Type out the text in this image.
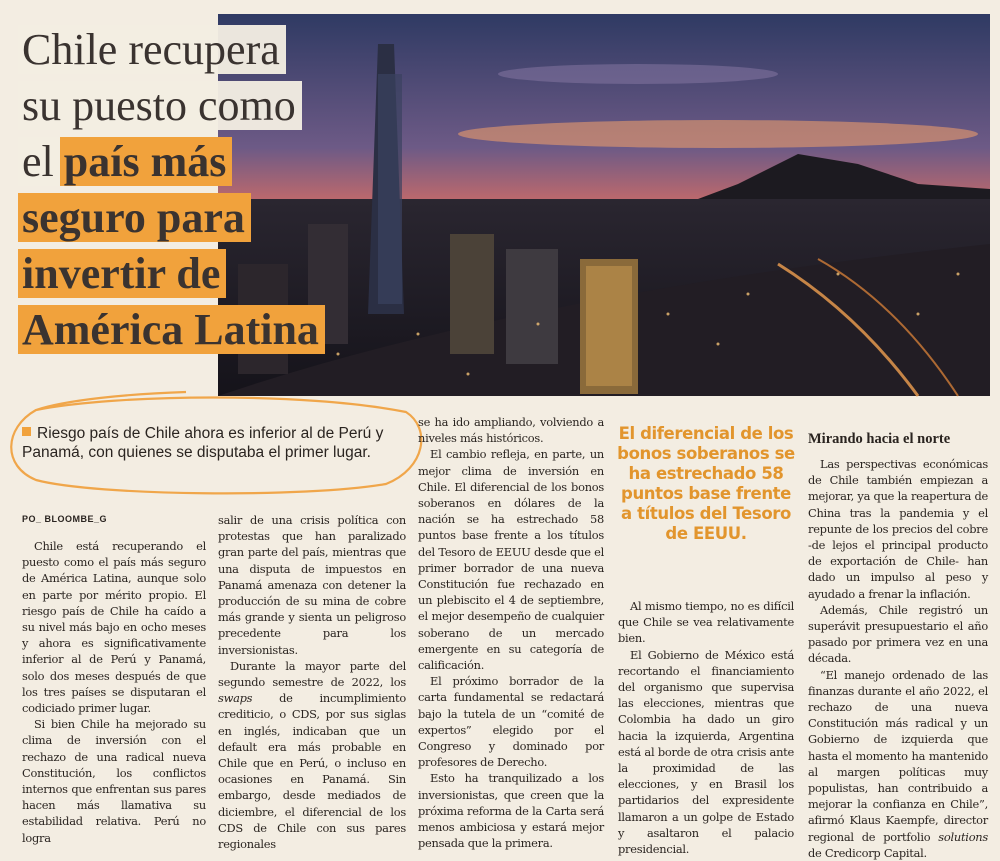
Chile recupera
su puesto como
el país más
seguro para
invertir de
América Latina
Riesgo país de Chile ahora es inferior al de Perú y Panamá, con quienes se disputaba el primer lugar.
PO_ BLOOMBE_G

Chile está recuperando el puesto como el país más seguro de América Latina, aunque solo en parte por mérito propio. El riesgo país de Chile ha caído a su nivel más bajo en ocho meses y ahora es significativamente inferior al de Perú y Panamá, solo dos meses después de que los tres países se disputaran el codiciado primer lugar.

Si bien Chile ha mejorado su clima de inversión con el rechazo de una radical nueva Constitución, los conflictos internos que enfrentan sus pares hacen más llamativa su estabilidad relativa. Perú no logra

salir de una crisis política con protestas que han paralizado gran parte del país, mientras que una disputa de impuestos en Panamá amenaza con detener la producción de su mina de cobre más grande y sienta un peligroso precedente para los inversionistas.

Durante la mayor parte del segundo semestre de 2022, los swaps de incumplimiento crediticio, o CDS, por sus siglas en inglés, indicaban que un default era más probable en Chile que en Perú, o incluso en ocasiones en Panamá. Sin embargo, desde mediados de diciembre, el diferencial de los CDS de Chile con sus pares regionales

se ha ido ampliando, volviendo a niveles más históricos.

El cambio refleja, en parte, un mejor clima de inversión en Chile. El diferencial de los bonos soberanos en dólares de la nación se ha estrechado 58 puntos base frente a los títulos del Tesoro de EEUU desde que el primer borrador de una nueva Constitución fue rechazado en un plebiscito el 4 de septiembre, el mejor desempeño de cualquier soberano de un mercado emergente en su categoría de calificación.

El próximo borrador de la carta fundamental se redactará bajo la tutela de un “comité de expertos” elegido por el Congreso y dominado por profesores de Derecho.

Esto ha tranquilizado a los inversionistas, que creen que la próxima reforma de la Carta será menos ambiciosa y estará mejor pensada que la primera.

El diferencial de los bonos soberanos se ha estrechado 58 puntos base frente a títulos del Tesoro de EEUU.

Al mismo tiempo, no es difícil que Chile se vea relativamente bien.

El Gobierno de México está recortando el financiamiento del organismo que supervisa las elecciones, mientras que Colombia ha dado un giro hacia la izquierda, Argentina está al borde de otra crisis ante la proximidad de las elecciones, y en Brasil los partidarios del expresidente llamaron a un golpe de Estado y asaltaron el palacio presidencial.

Mirando hacia el norte

Las perspectivas económicas de Chile también empiezan a mejorar, ya que la reapertura de China tras la pandemia y el repunte de los precios del cobre -de lejos el principal producto de exportación de Chile- han dado un impulso al peso y ayudado a frenar la inflación.

Además, Chile registró un superávit presupuestario el año pasado por primera vez en una década.

“El manejo ordenado de las finanzas durante el año 2022, el rechazo de una nueva Constitución más radical y un Gobierno de izquierda que hasta el momento ha mantenido al margen políticas muy populistas, han contribuido a mejorar la confianza en Chile”, afirmó Klaus Kaempfe, director regional de portfolio solutions de Credicorp Capital.
